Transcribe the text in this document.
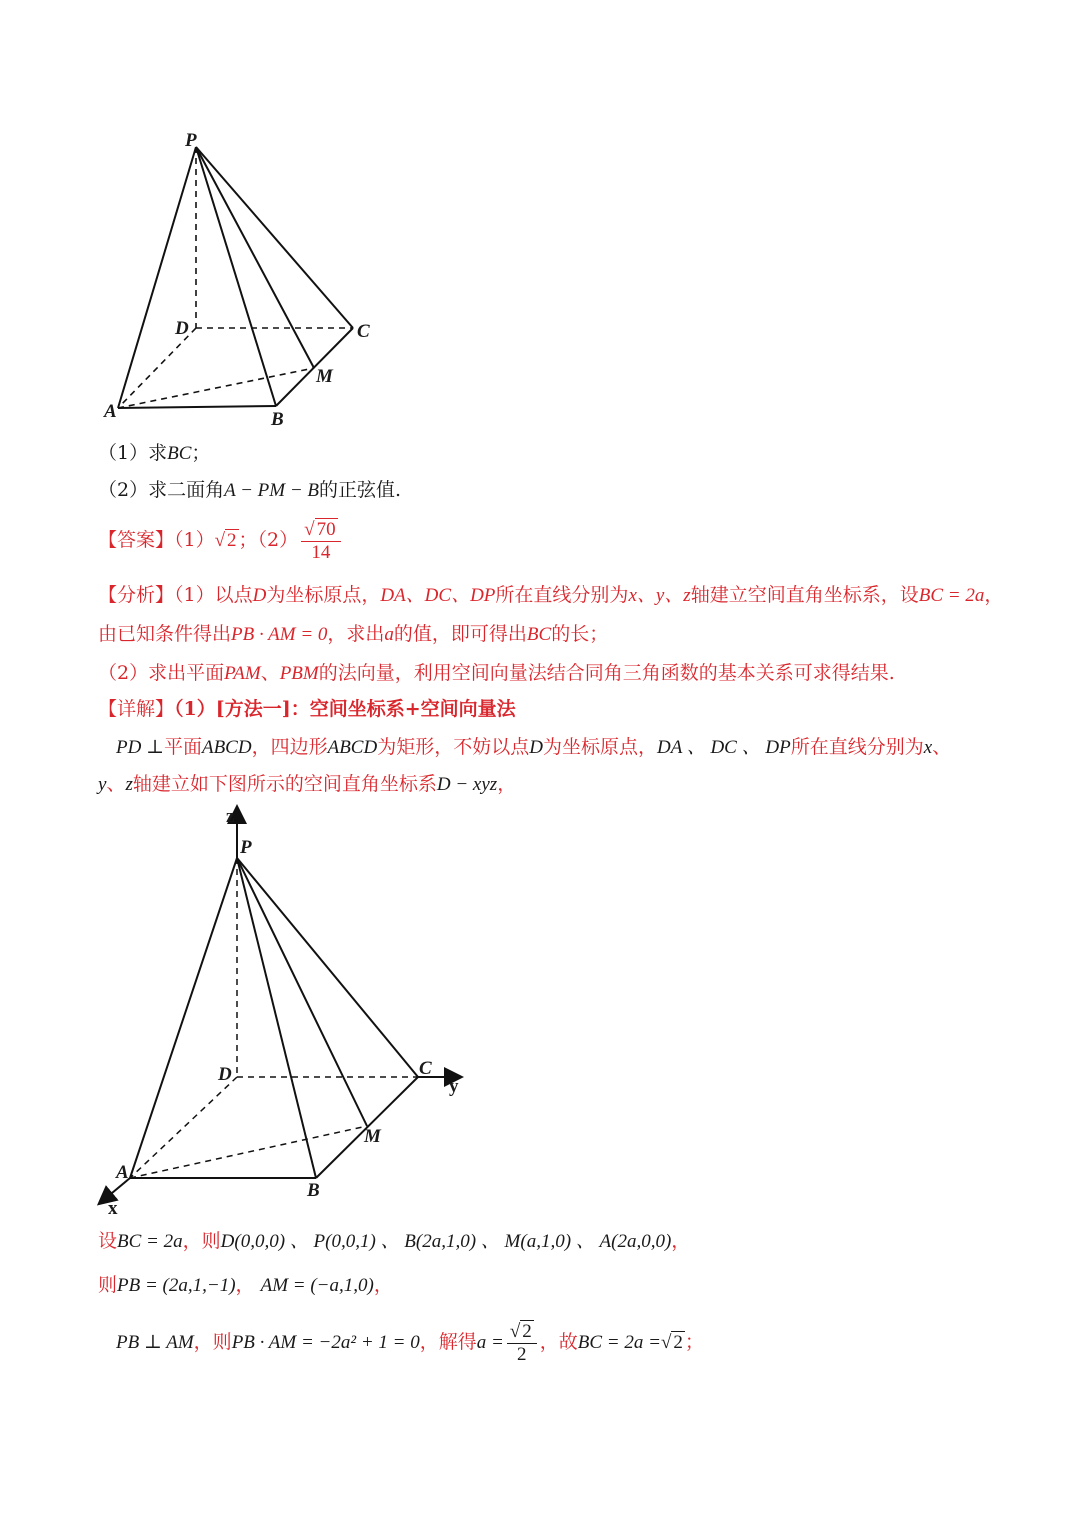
P
D	C
M
A	B
（1）求BC；
（2）求二面角A − PM − B的正弦值.
【答案】（1）√ 2 ；$(2) \frac{√ 70}{14}$
【分析】（1）以点D为坐标原点，DA、DC、DP所在直线分别为x、y、z轴建立空间直角坐标系，设BC = 2a，
由已知条件得出PB · AM = 0，求出a的值，即可得出BC的长；
（2）求出平面PAM、PBM的法向量，利用空间向量法结合同角三角函数的基本关系可求得结果.
【详解】（1）[方法一]：空间坐标系+空间向量法
PD ⊥平面ABCD，四边形ABCD为矩形，不妨以点D为坐标原点，DA 、 DC 、 DP所在直线分别为x、
y、z轴建立如下图所示的空间直角坐标系D − xyz，
z
P
D	C
y
M
A
x
B
设BC = 2a，则D(0,0,0) 、 P(0,0,1) 、 B(2a,1,0) 、 M(a,1,0) 、 A(2a,0,0)，
则PB = (2a,1,−1)， AM = (−a,1,0)，
PB ⊥ AM，则PB · AM = −2a² + 1 = 0，解得$a = \frac{√ 2}{2}$ ，故BC = 2a =√ 2 ；
